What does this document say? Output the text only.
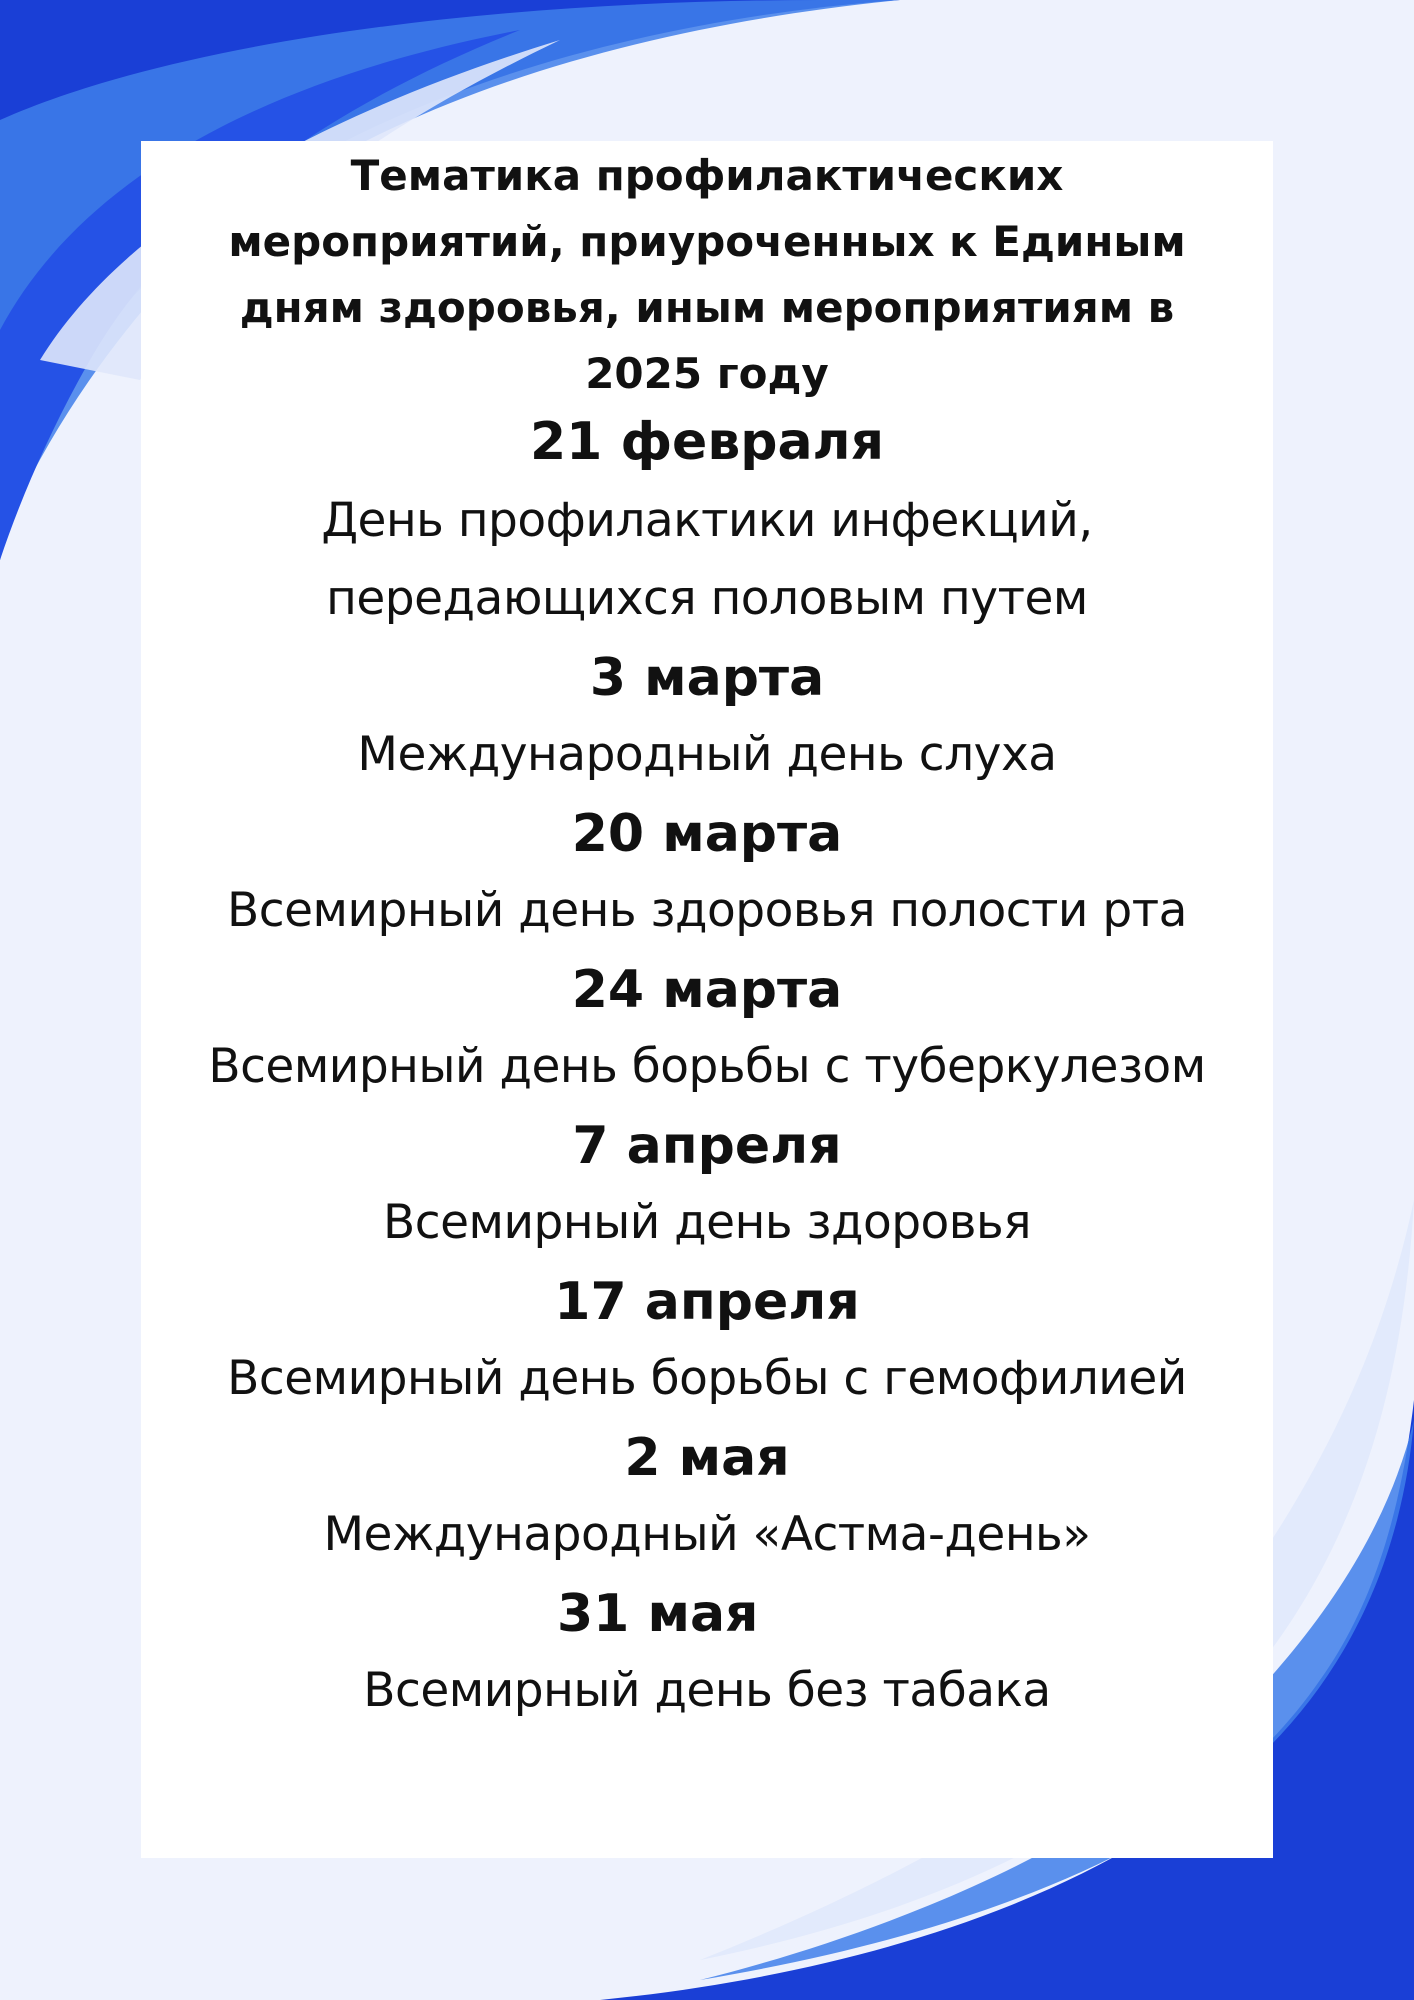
Тематика профилактических
мероприятий, приуроченных к Единым
дням здоровья, иным мероприятиям в
2025 году
21 февраля
День профилактики инфекций,
передающихся половым путем
3 марта
Международный день слуха
20 марта
Всемирный день здоровья полости рта
24 марта
Всемирный день борьбы с туберкулезом
7 апреля
Всемирный день здоровья
17 апреля
Всемирный день борьбы с гемофилией
2 мая
Международный «Астма-день»
31 мая
Всемирный день без табака
